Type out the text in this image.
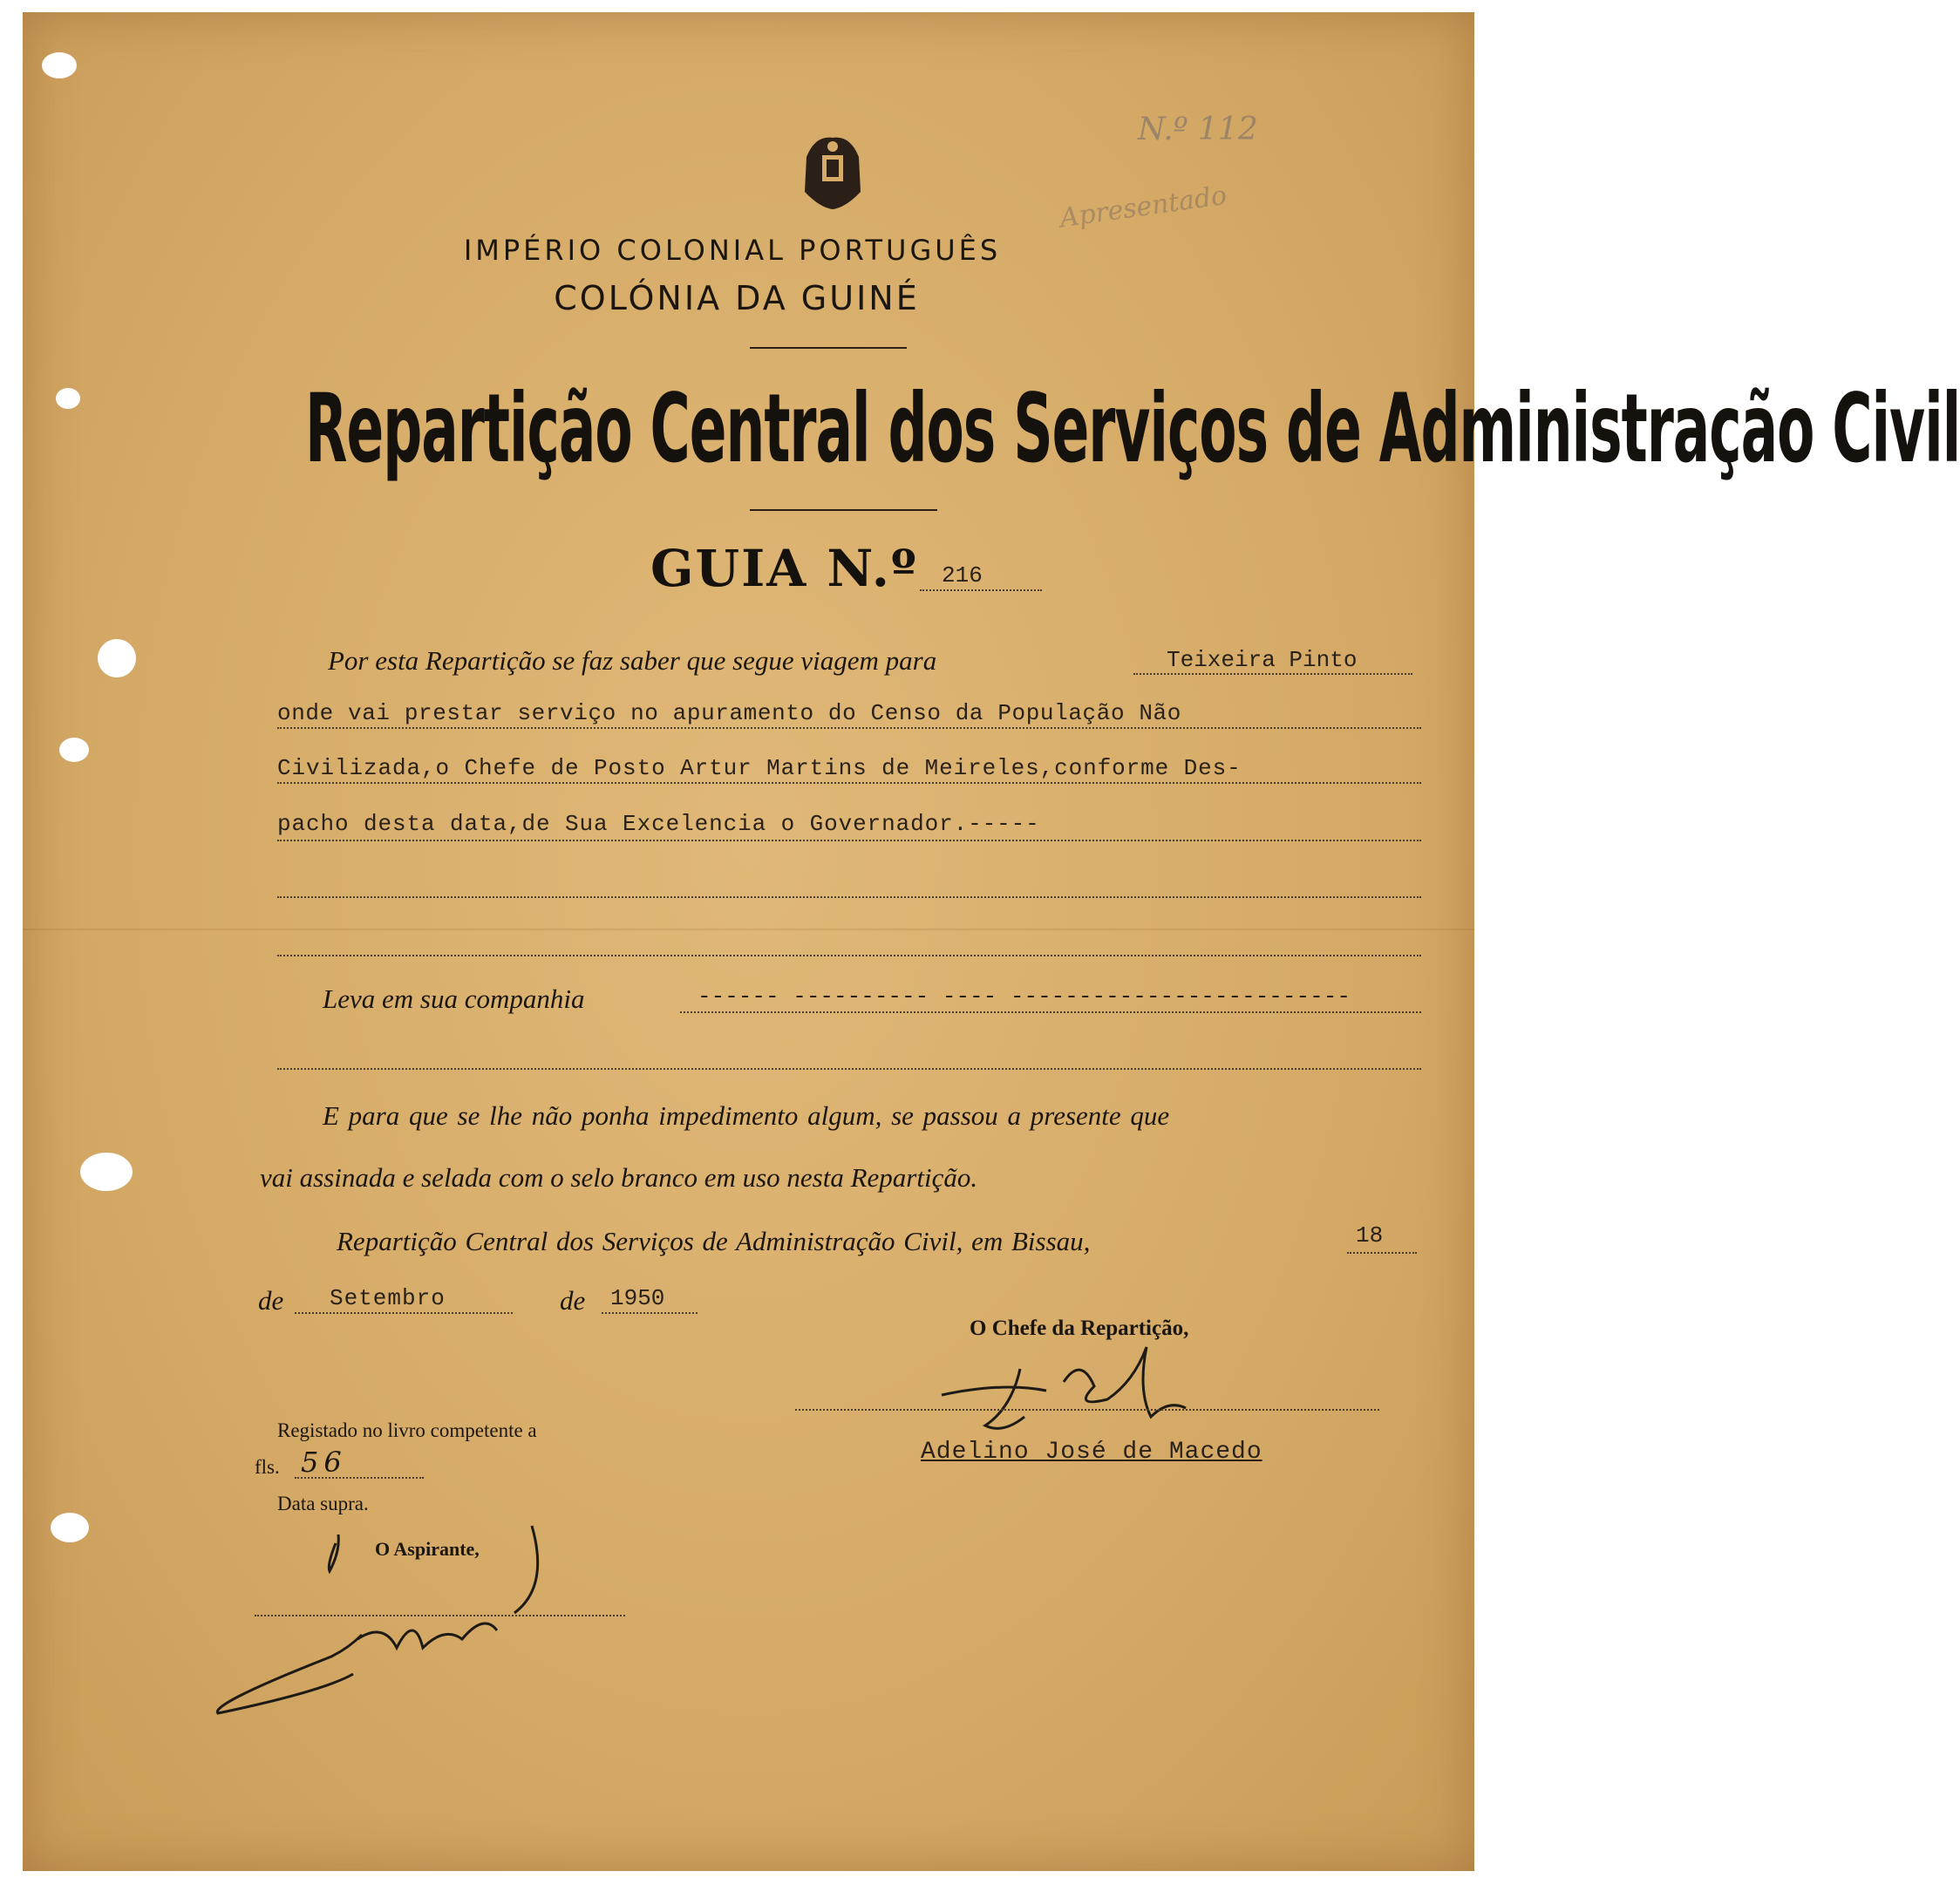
N.º 112
Apresentado
IMPÉRIO COLONIAL PORTUGUÊS
COLÓNIA DA GUINÉ
Repartição Central dos Serviços de Administração Civil
GUIA N.º 216
Por esta Repartição se faz saber que segue viagem para	Teixeira Pinto
onde vai prestar serviço no apuramento do Censo da População Não
Civilizada,o Chefe de Posto Artur Martins de Meireles,conforme Des-
pacho desta data,de Sua Excelencia o Governador.-----
Leva em sua companhia	------ ---------- ---- -------------------------
E para que se lhe não ponha impedimento algum, se passou a presente que
vai assinada e selada com o selo branco em uso nesta Repartição.
Repartição Central dos Serviços de Administração Civil, em Bissau,	18
de Setembro	de 1950
O Chefe da Repartição,
Adelino José de Macedo
Registado no livro competente a
fls. 56
Data supra.
O Aspirante,
